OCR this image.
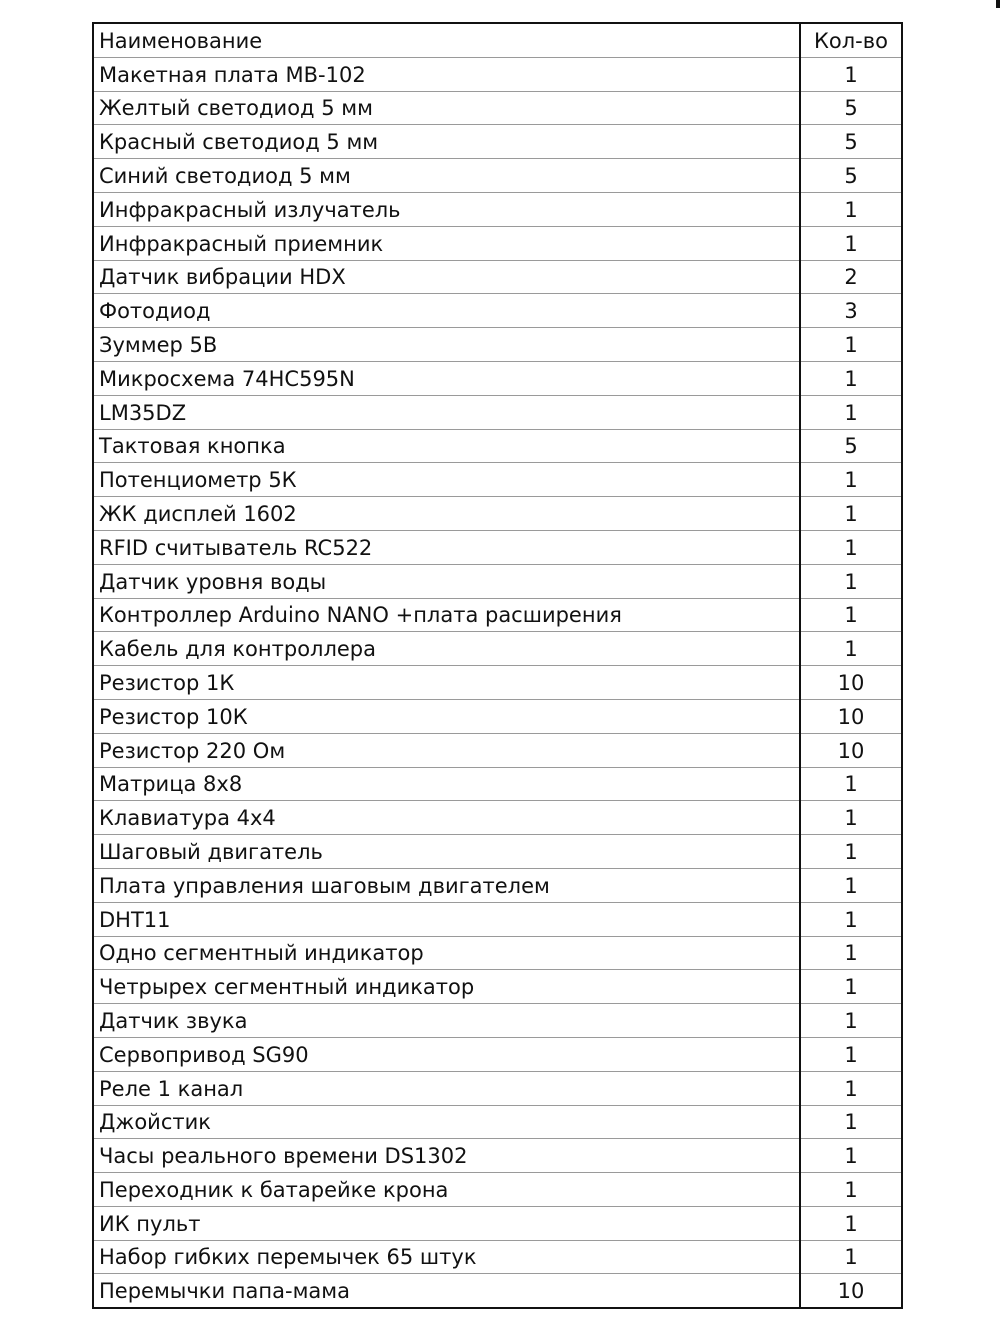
Наименование	Кол-во
Макетная плата MB-102	1
Желтый светодиод 5 мм	5
Красный светодиод 5 мм	5
Синий светодиод 5 мм	5
Инфракрасный излучатель	1
Инфракрасный приемник	1
Датчик вибрации HDX	2
Фотодиод	3
Зуммер 5В	1
Микросхема 74HC595N	1
LM35DZ	1
Тактовая кнопка	5
Потенциометр 5К	1
ЖК дисплей 1602	1
RFID считыватель RC522	1
Датчик уровня воды	1
Контроллер Arduino NANO +плата расширения	1
Кабель для контроллера	1
Резистор 1К	10
Резистор 10К	10
Резистор 220 Ом	10
Матрица 8x8	1
Клавиатура 4x4	1
Шаговый двигатель	1
Плата управления шаговым двигателем	1
DHT11	1
Одно сегментный индикатор	1
Четрырех сегментный индикатор	1
Датчик звука	1
Сервопривод SG90	1
Реле 1 канал	1
Джойстик	1
Часы реального времени DS1302	1
Переходник к батарейке крона	1
ИК пульт	1
Набор гибких перемычек 65 штук	1
Перемычки папа-мама	10
